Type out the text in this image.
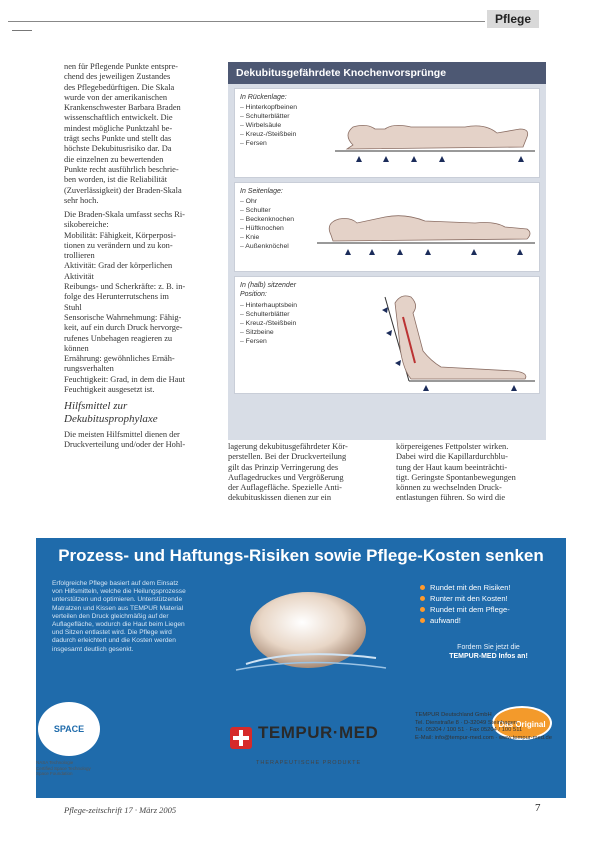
Pflege
nen für Pflegende Punkte entspre-
chend des jeweiligen Zustandes
des Pflegebedürftigen. Die Skala
wurde von der amerikanischen
Krankenschwester Barbara Braden
wissenschaftlich entwickelt. Die
mindest mögliche Punktzahl be-
trägt sechs Punkte und stellt das
höchste Dekubitusrisiko dar. Da
die einzelnen zu bewertenden
Punkte recht ausführlich beschrie-
ben worden, ist die Reliabilität
(Zuverlässigkeit) der Braden-Skala
sehr hoch.
Die Braden-Skala umfasst sechs Ri-
sikobereiche:
Mobilität: Fähigkeit, Körperposi-
tionen zu verändern und zu kon-
trollieren
Aktivität: Grad der körperlichen
Aktivität
Reibungs- und Scherkräfte: z. B. in-
folge des Herunterrutschens im
Stuhl
Sensorische Wahrnehmung: Fähig-
keit, auf ein durch Druck hervorge-
rufenes Unbehagen reagieren zu
können
Ernährung: gewöhnliches Ernäh-
rungsverhalten
Feuchtigkeit: Grad, in dem die Haut
Feuchtigkeit ausgesetzt ist.
Hilfsmittel zur
Dekubitusprophylaxe
Die meisten Hilfsmittel dienen der
Druckverteilung und/oder der Hohl-
Dekubitusgefährdete Knochenvorsprünge
In Rückenlage:
– Hinterkopfbeinen
– Schulterblätter
– Wirbelsäule
– Kreuz-/Steißbein
– Fersen
In Seitenlage:
– Ohr
– Schulter
– Beckenknochen
– Hüftknochen
– Knie
– Außenknöchel
In (halb) sitzender
Position:
– Hinterhauptsbein
– Schulterblätter
– Kreuz-/Steißbein
– Sitzbeine
– Fersen
lagerung dekubitusgefährdeter Kör-
perstellen. Bei der Druckverteilung
gilt das Prinzip Verringerung des
Auflagedruckes und Vergrößerung
der Auflagefläche. Spezielle Anti-
dekubituskissen dienen zur ein
körpereigenes Fettpolster wirken.
Dabei wird die Kapillardurchblu-
tung der Haut kaum beeinträchti-
tigt. Geringste Spontanbewegungen
können zu wechselnden Druck-
entlastungen führen. So wird die
Prozess- und Haftungs-Risiken sowie Pflege-Kosten senken
Erfolgreiche Pflege basiert auf dem Einsatz
von Hilfsmitteln, welche die Heilungsprozesse
unterstützen und optimieren. Unterstützende
Matratzen und Kissen aus TEMPUR Material
verteilen den Druck gleichmäßig auf der
Auflagefläche, wodurch die Haut beim Liegen
und Sitzen entlastet wird. Die Pflege wird
dadurch erleichtert und die Kosten werden
insgesamt deutlich gesenkt.
Rundet mit den Risiken!
Runter mit den Kosten!
Rundet mit dem Pflege-
aufwand!
Fordern Sie jetzt die
TEMPUR-MED Infos an!
Das Original
SPACE
NASA Technologie
Certified Space Technology
Space Foundation
TEMPUR·MED
THERAPEUTISCHE PRODUKTE
TEMPUR Deutschland GmbH
Tel. Dienstraße 8 · D-32049 Steinhagen
Tel. 05204 / 100 51 · Fax 05204 / 100 511
E-Mail: info@tempur-med.com · www.tempur-med.de
Pflege-zeitschrift 17 · März 2005	7
